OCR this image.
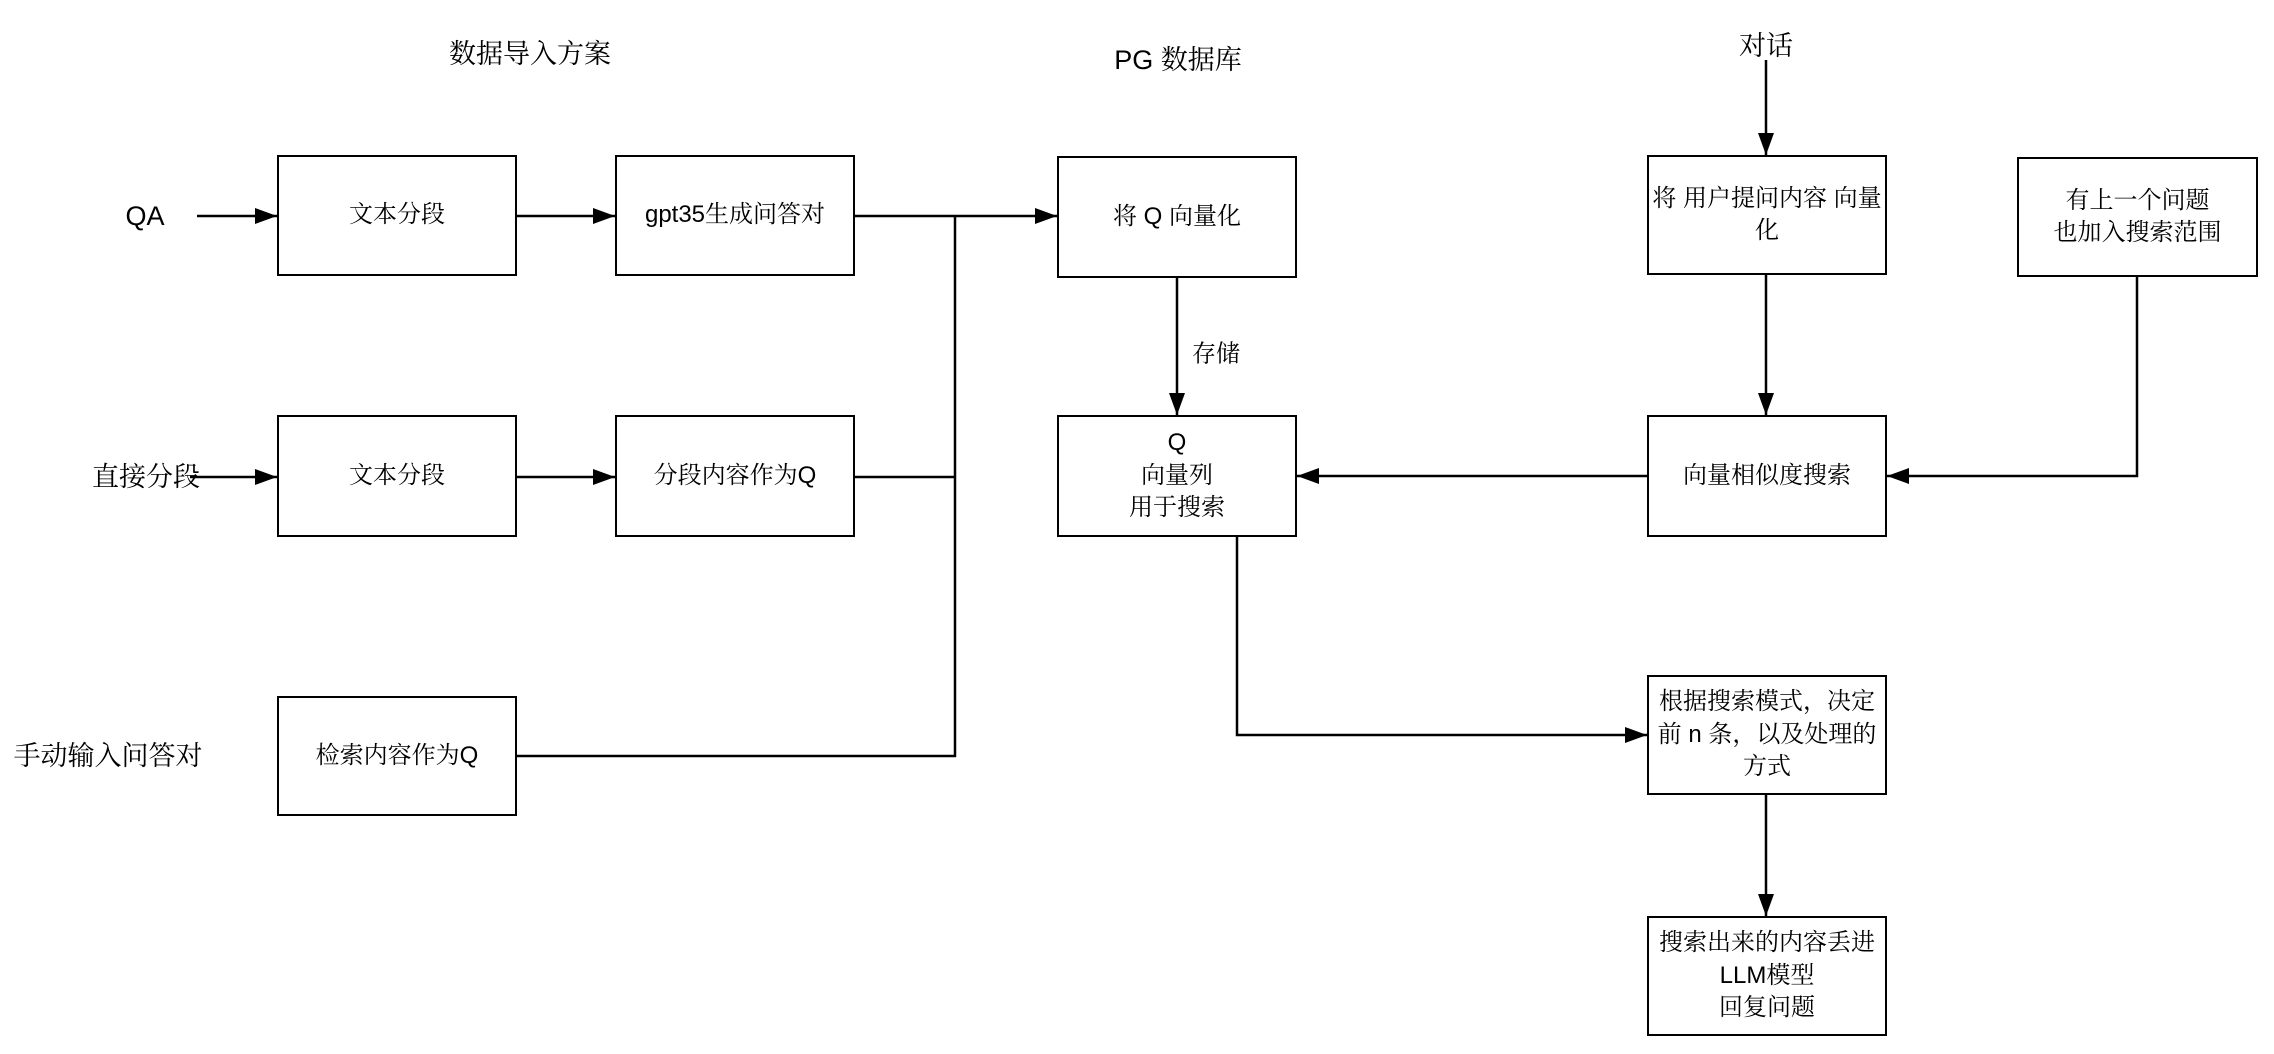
文本分段	gpt35生成问答对
文本分段	分段内容作为Q
检索内容作为Q
将 Q 向量化
Q
向量列
用于搜索
将 用户提问内容 向量
化
有上一个问题
也加入搜索范围
向量相似度搜索
根据搜索模式，决定
前 n 条，以及处理的
方式
搜索出来的内容丢进
LLM模型
回复问题
数据导入方案	PG 数据库	对话
QA
直接分段
手动输入问答对
存储
